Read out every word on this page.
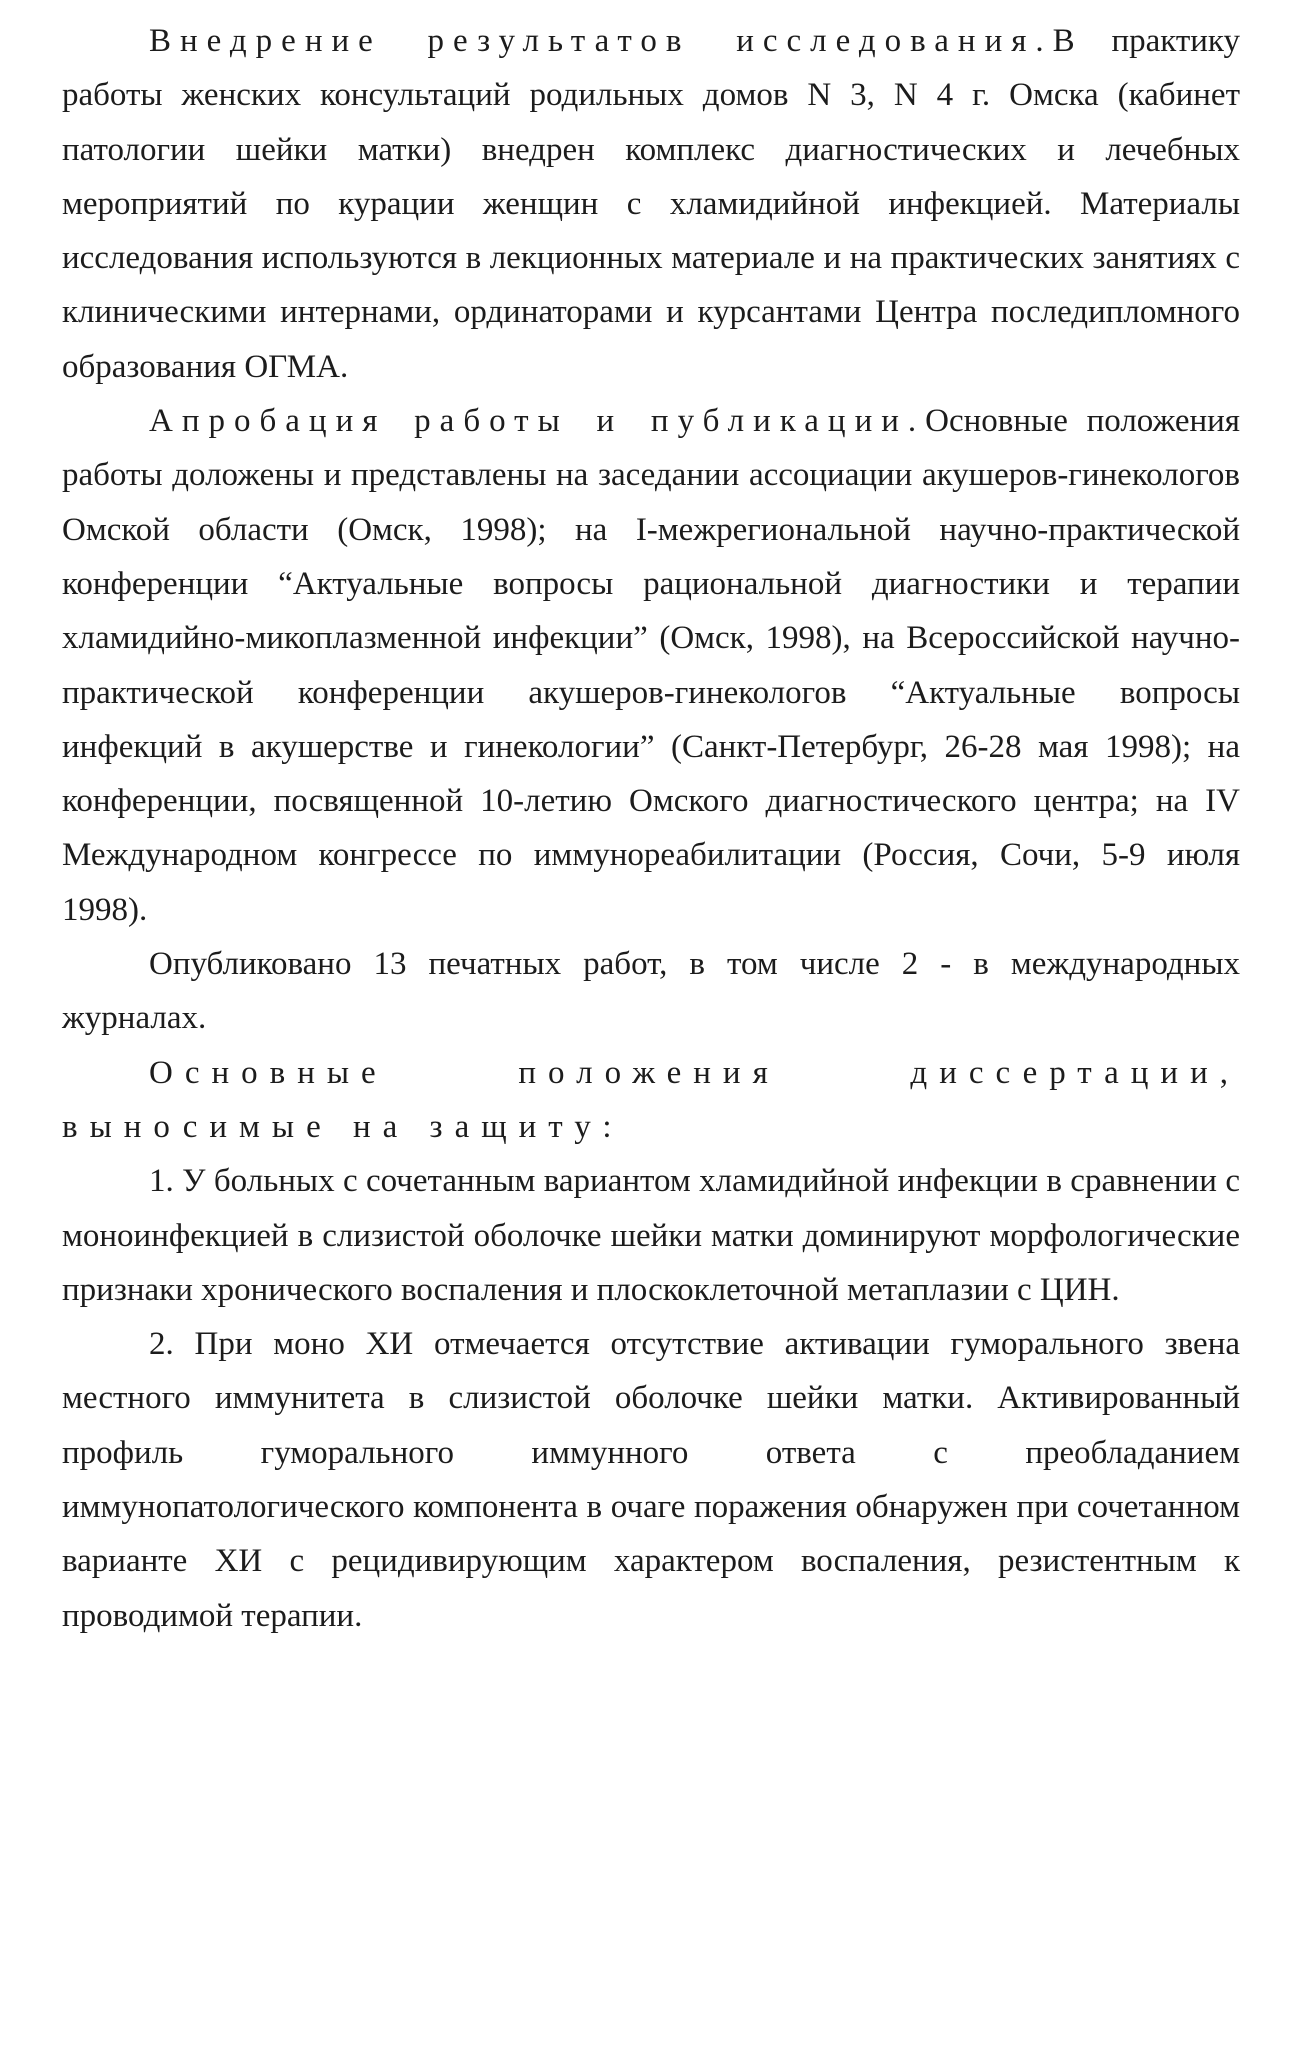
Внедрение результатов исследования.В практику работы женских консультаций родильных домов N 3, N 4 г. Омска (кабинет патологии шейки матки) внедрен комплекс диагностических и лечебных мероприятий по курации женщин с хламидийной инфекцией. Материалы исследования используются в лекционных материале и на практических занятиях с клиническими интернами, ординаторами и курсантами Центра последипломного образования ОГМА.

Апробация работы и публикации.Основные положения работы доложены и представлены на заседании ассоциации акушеров-гинекологов Омской области (Омск, 1998); на I-межрегиональной научно-практической конференции “Актуальные вопросы рациональной диагностики и терапии хламидийно-микоплазменной инфекции” (Омск, 1998), на Всероссийской научно-практической конференции акушеров-гинекологов “Актуальные вопросы инфекций в акушерстве и гинекологии” (Санкт-Петербург, 26-28 мая 1998); на конференции, посвященной 10-летию Омского диагностического центра; на IV Международном конгрессе по иммунореабилитации (Россия, Сочи, 5-9 июля 1998).

Опубликовано 13 печатных работ, в том числе 2 - в международных журналах.

Основные положения диссертации, выносимые на защиту:

1. У больных с сочетанным вариантом хламидийной инфекции в сравнении с моноинфекцией в слизистой оболочке шейки матки доминируют морфологические признаки хронического воспаления и плоскоклеточной метаплазии с ЦИН.

2. При моно ХИ отмечается отсутствие активации гуморального звена местного иммунитета в слизистой оболочке шейки матки. Активированный профиль гуморального иммунного ответа с преобладанием иммунопатологического компонента в очаге поражения обнаружен при сочетанном варианте ХИ с рецидивирующим характером воспаления, резистентным к проводимой терапии.
